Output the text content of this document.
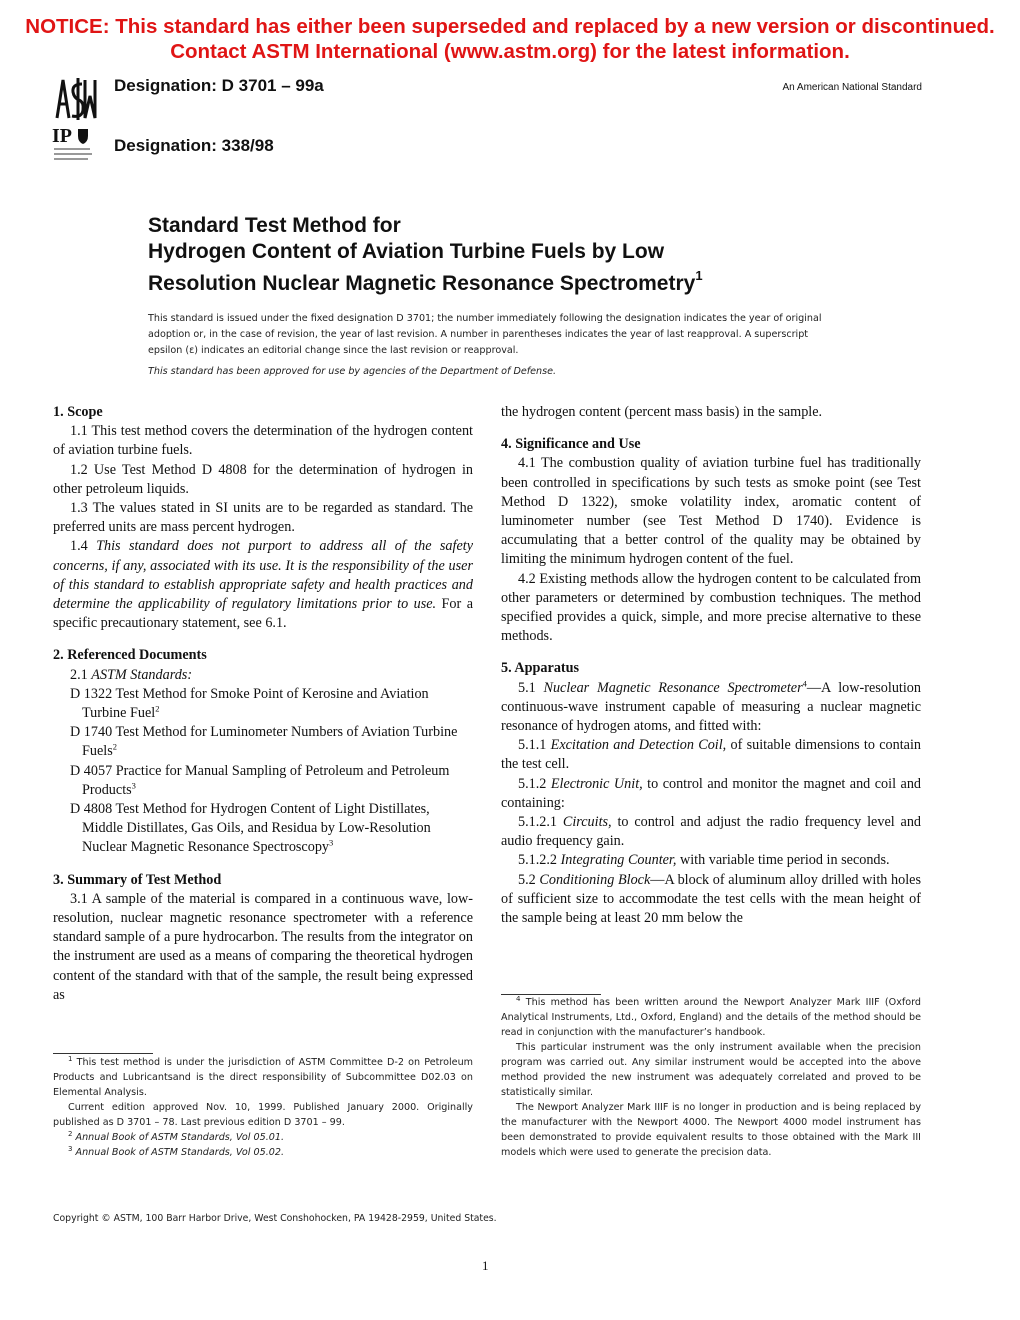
NOTICE: This standard has either been superseded and replaced by a new version or discontinued.
Contact ASTM International (www.astm.org) for the latest information.
IP
Designation: D 3701 – 99a
Designation: 338/98
An American National Standard
Standard Test Method for
Hydrogen Content of Aviation Turbine Fuels by Low
Resolution Nuclear Magnetic Resonance Spectrometry$^1$

This standard is issued under the fixed designation D 3701; the number immediately following the designation indicates the year of original adoption or, in the case of revision, the year of last revision. A number in parentheses indicates the year of last reapproval. A superscript epsilon (ε) indicates an editorial change since the last revision or reapproval.

This standard has been approved for use by agencies of the Department of Defense.

1. Scope

1.1 This test method covers the determination of the hydrogen content of aviation turbine fuels.

1.2 Use Test Method D 4808 for the determination of hydrogen in other petroleum liquids.

1.3 The values stated in SI units are to be regarded as standard. The preferred units are mass percent hydrogen.

1.4 This standard does not purport to address all of the safety concerns, if any, associated with its use. It is the responsibility of the user of this standard to establish appropriate safety and health practices and determine the applicability of regulatory limitations prior to use. For a specific precautionary statement, see 6.1.

2. Referenced Documents

2.1 ASTM Standards:

D 1322 Test Method for Smoke Point of Kerosine and Aviation Turbine Fuel$^2$

D 1740 Test Method for Luminometer Numbers of Aviation Turbine Fuels$^2$

D 4057 Practice for Manual Sampling of Petroleum and Petroleum Products$^3$

D 4808 Test Method for Hydrogen Content of Light Distillates, Middle Distillates, Gas Oils, and Residua by Low-Resolution Nuclear Magnetic Resonance Spectroscopy$^3$

3. Summary of Test Method

3.1 A sample of the material is compared in a continuous wave, low-resolution, nuclear magnetic resonance spectrometer with a reference standard sample of a pure hydrocarbon. The results from the integrator on the instrument are used as a means of comparing the theoretical hydrogen content of the standard with that of the sample, the result being expressed as

$^1$ This test method is under the jurisdiction of ASTM Committee D-2 on Petroleum Products and Lubricantsand is the direct responsibility of Subcommittee D02.03 on Elemental Analysis.

Current edition approved Nov. 10, 1999. Published January 2000. Originally published as D 3701 – 78. Last previous edition D 3701 – 99.

$^2$ Annual Book of ASTM Standards, Vol 05.01.

$^3$ Annual Book of ASTM Standards, Vol 05.02.

the hydrogen content (percent mass basis) in the sample.

4. Significance and Use

4.1 The combustion quality of aviation turbine fuel has traditionally been controlled in specifications by such tests as smoke point (see Test Method D 1322), smoke volatility index, aromatic content of luminometer number (see Test Method D 1740). Evidence is accumulating that a better control of the quality may be obtained by limiting the minimum hydrogen content of the fuel.

4.2 Existing methods allow the hydrogen content to be calculated from other parameters or determined by combustion techniques. The method specified provides a quick, simple, and more precise alternative to these methods.

5. Apparatus

5.1 Nuclear Magnetic Resonance Spectrometer$^4$—A low-resolution continuous-wave instrument capable of measuring a nuclear magnetic resonance of hydrogen atoms, and fitted with:

5.1.1 Excitation and Detection Coil, of suitable dimensions to contain the test cell.

5.1.2 Electronic Unit, to control and monitor the magnet and coil and containing:

5.1.2.1 Circuits, to control and adjust the radio frequency level and audio frequency gain.

5.1.2.2 Integrating Counter, with variable time period in seconds.

5.2 Conditioning Block—A block of aluminum alloy drilled with holes of sufficient size to accommodate the test cells with the mean height of the sample being at least 20 mm below the

$^4$ This method has been written around the Newport Analyzer Mark IIIF (Oxford Analytical Instruments, Ltd., Oxford, England) and the details of the method should be read in conjunction with the manufacturer’s handbook.

This particular instrument was the only instrument available when the precision program was carried out. Any similar instrument would be accepted into the above method provided the new instrument was adequately correlated and proved to be statistically similar.

The Newport Analyzer Mark IIIF is no longer in production and is being replaced by the manufacturer with the Newport 4000. The Newport 4000 model instrument has been demonstrated to provide equivalent results to those obtained with the Mark III models which were used to generate the precision data.

Copyright © ASTM, 100 Barr Harbor Drive, West Conshohocken, PA 19428-2959, United States.
1
